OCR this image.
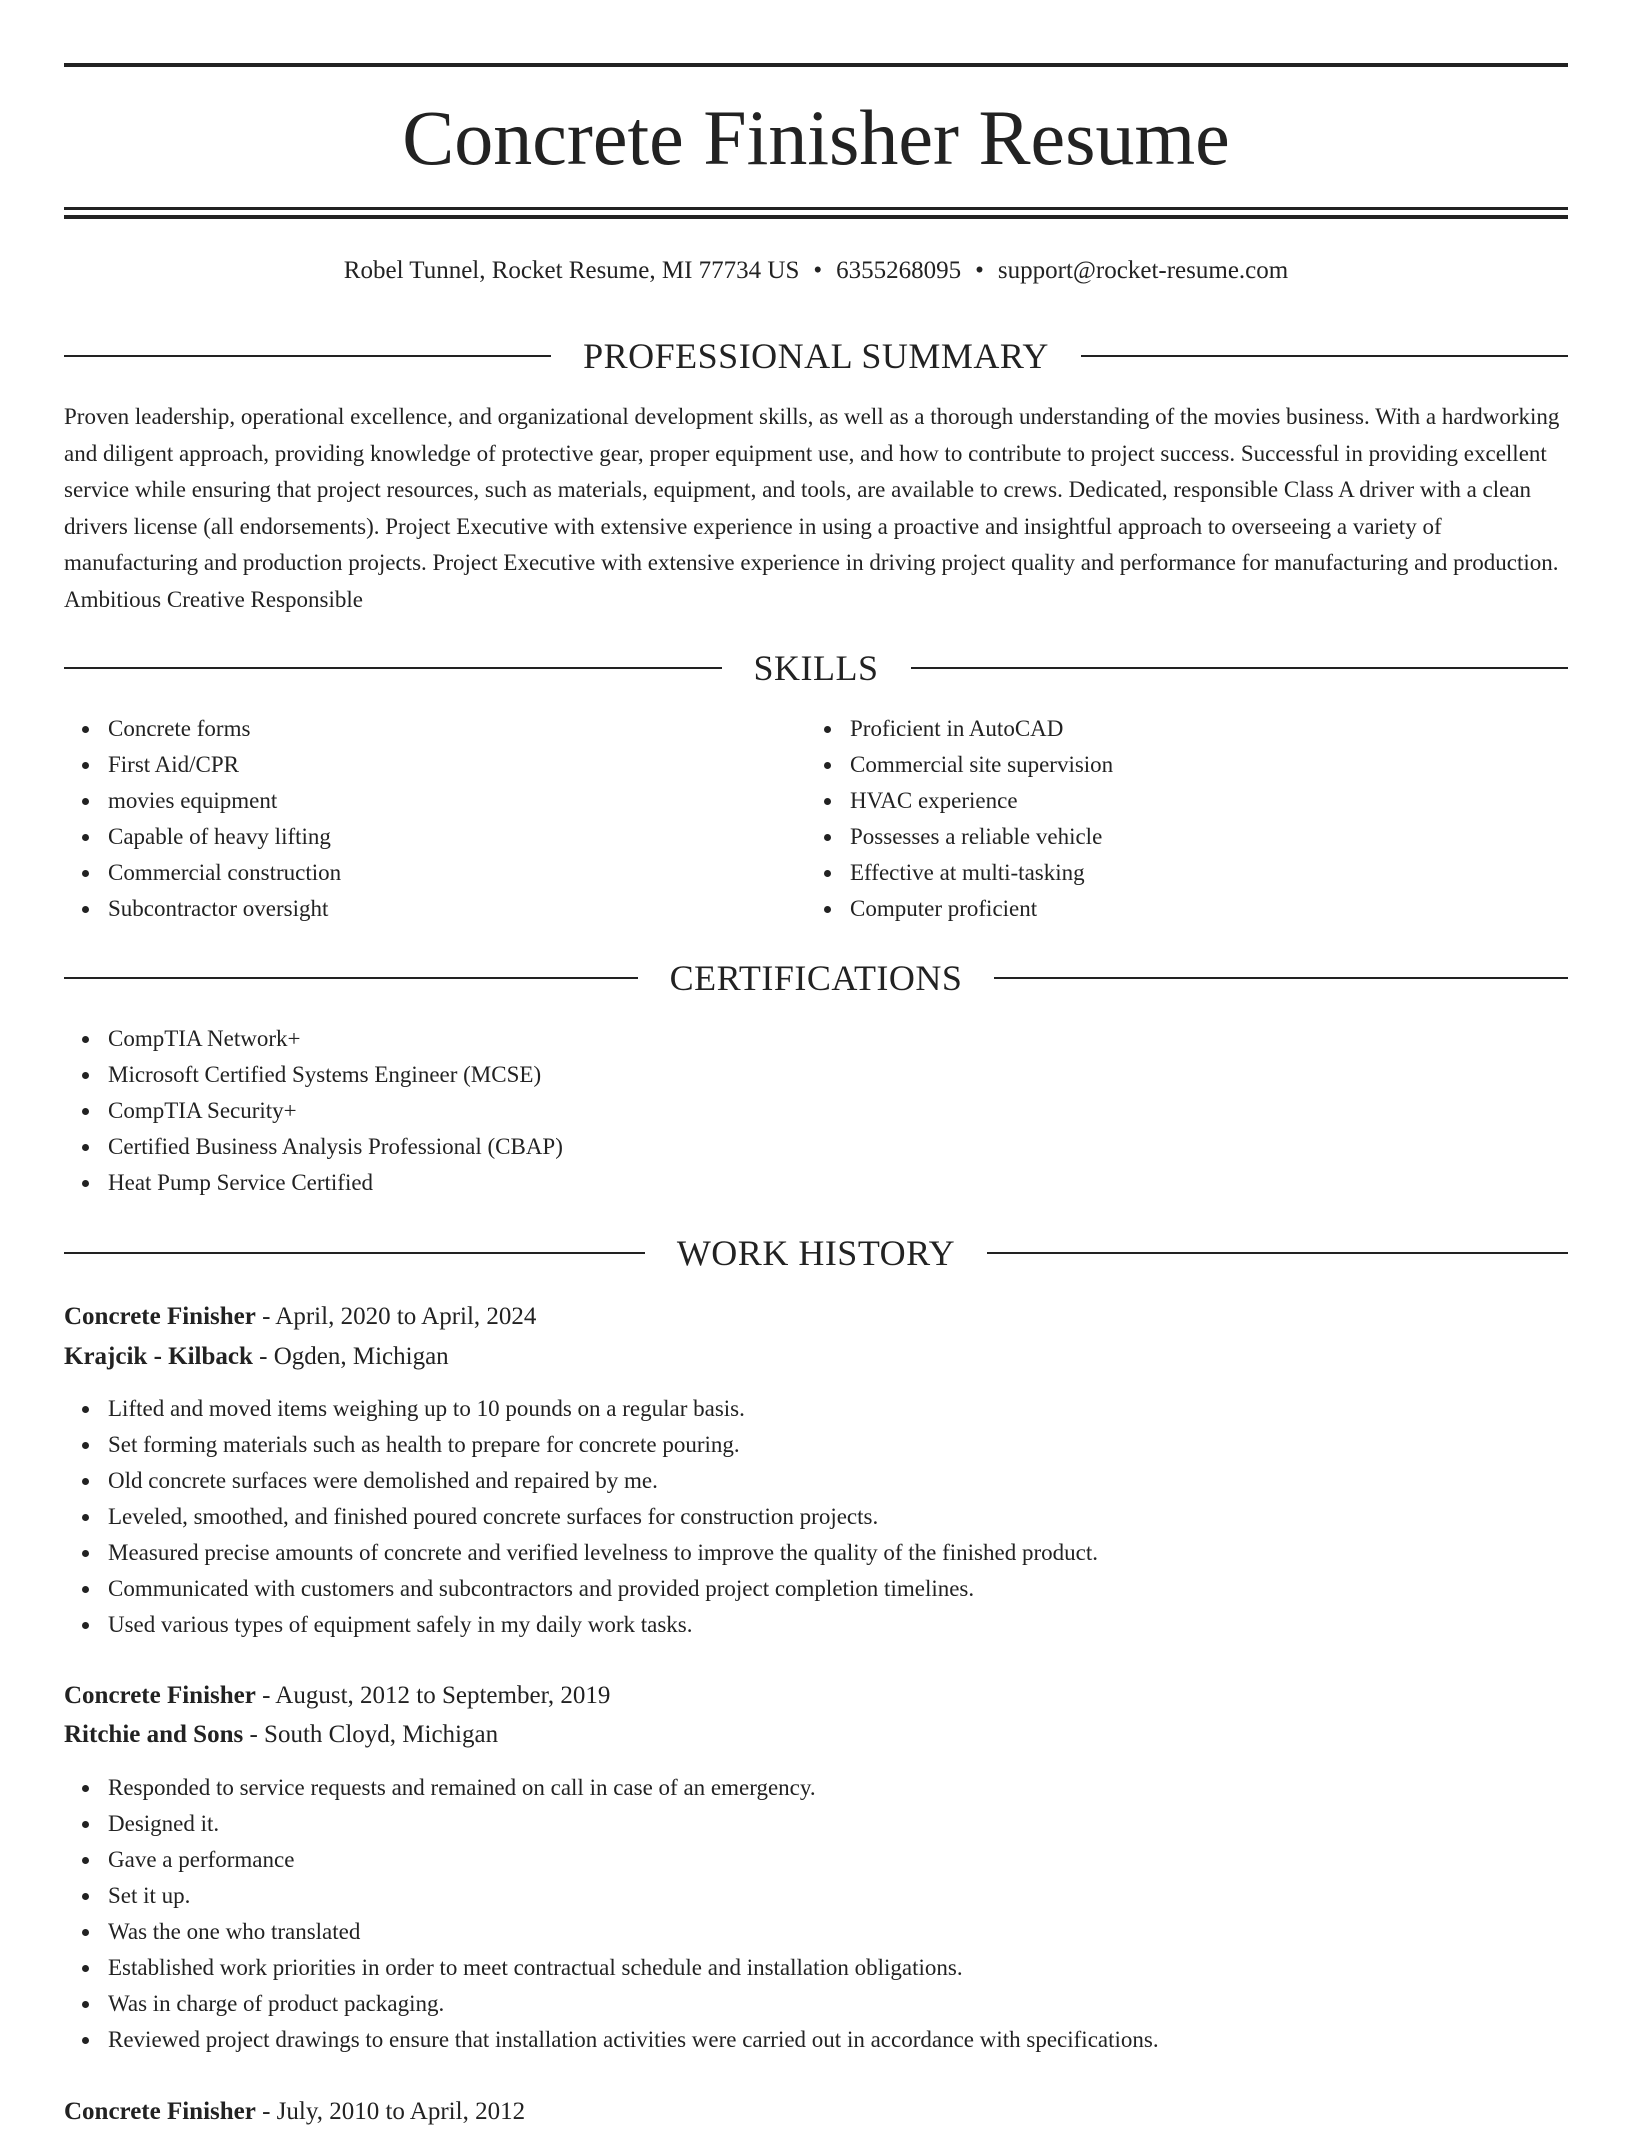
Concrete Finisher Resume
Robel Tunnel, Rocket Resume, MI 77734 US • 6355268095 • support@rocket-resume.com
PROFESSIONAL SUMMARY

Proven leadership, operational excellence, and organizational development skills, as well as a thorough understanding of the movies business. With a hardworking and diligent approach, providing knowledge of protective gear, proper equipment use, and how to contribute to project success. Successful in providing excellent service while ensuring that project resources, such as materials, equipment, and tools, are available to crews. Dedicated, responsible Class A driver with a clean drivers license (all endorsements). Project Executive with extensive experience in using a proactive and insightful approach to overseeing a variety of manufacturing and production projects. Project Executive with extensive experience in driving project quality and performance for manufacturing and production. Ambitious Creative Responsible

SKILLS
Concrete forms
First Aid/CPR
movies equipment
Capable of heavy lifting
Commercial construction
Subcontractor oversight
Proficient in AutoCAD
Commercial site supervision
HVAC experience
Possesses a reliable vehicle
Effective at multi-tasking
Computer proficient
CERTIFICATIONS
CompTIA Network+
Microsoft Certified Systems Engineer (MCSE)
CompTIA Security+
Certified Business Analysis Professional (CBAP)
Heat Pump Service Certified
WORK HISTORY
Concrete Finisher - April, 2020 to April, 2024
Krajcik - Kilback - Ogden, Michigan
Lifted and moved items weighing up to 10 pounds on a regular basis.
Set forming materials such as health to prepare for concrete pouring.
Old concrete surfaces were demolished and repaired by me.
Leveled, smoothed, and finished poured concrete surfaces for construction projects.
Measured precise amounts of concrete and verified levelness to improve the quality of the finished product.
Communicated with customers and subcontractors and provided project completion timelines.
Used various types of equipment safely in my daily work tasks.
Concrete Finisher - August, 2012 to September, 2019
Ritchie and Sons - South Cloyd, Michigan
Responded to service requests and remained on call in case of an emergency.
Designed it.
Gave a performance
Set it up.
Was the one who translated
Established work priorities in order to meet contractual schedule and installation obligations.
Was in charge of product packaging.
Reviewed project drawings to ensure that installation activities were carried out in accordance with specifications.
Concrete Finisher - July, 2010 to April, 2012
